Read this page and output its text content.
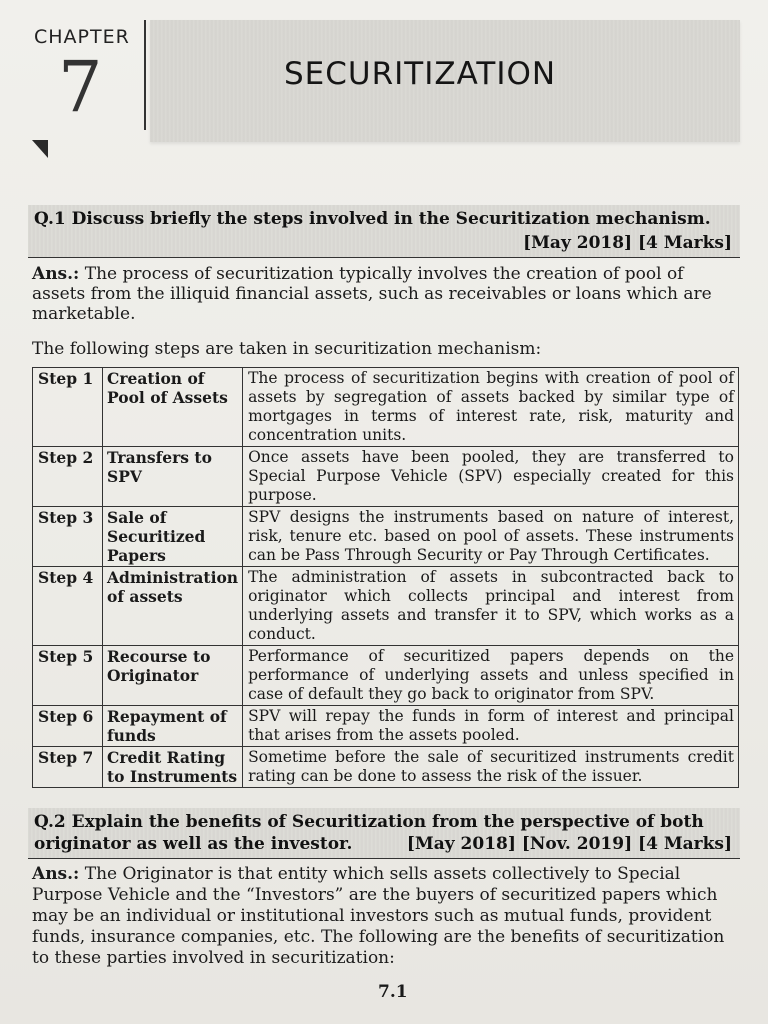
CHAPTER
7	SECURITIZATION
Q.1 Discuss briefly the steps involved in the Securitization mechanism.
[May 2018] [4 Marks]
Ans.: The process of securitization typically involves the creation of pool of
assets from the illiquid financial assets, such as receivables or loans which are
marketable.
The following steps are taken in securitization mechanism:
Step 1	Creation of Pool of Assets	The process of securitization begins with creation of pool of assets by segregation of assets backed by similar type of mortgages in terms of interest rate, risk, maturity and concentration units.
Step 2	Transfers to SPV	Once assets have been pooled, they are transferred to Special Purpose Vehicle (SPV) especially created for this purpose.
Step 3	Sale of Securitized Papers	SPV designs the instruments based on nature of interest, risk, tenure etc. based on pool of assets. These instruments can be Pass Through Security or Pay Through Certificates.
Step 4	Administration of assets	The administration of assets in subcontracted back to originator which collects principal and interest from underlying assets and transfer it to SPV, which works as a conduct.
Step 5	Recourse to Originator	Performance of securitized papers depends on the performance of underlying assets and unless specified in case of default they go back to originator from SPV.
Step 6	Repayment of funds	SPV will repay the funds in form of interest and principal that arises from the assets pooled.
Step 7	Credit Rating to Instruments	Sometime before the sale of securitized instruments credit rating can be done to assess the risk of the issuer.
Q.2 Explain the benefits of Securitization from the perspective of both
originator as well as the investor.	[May 2018] [Nov. 2019] [4 Marks]
Ans.: The Originator is that entity which sells assets collectively to Special
Purpose Vehicle and the “Investors” are the buyers of securitized papers which
may be an individual or institutional investors such as mutual funds, provident
funds, insurance companies, etc. The following are the benefits of securitization
to these parties involved in securitization:
7.1
